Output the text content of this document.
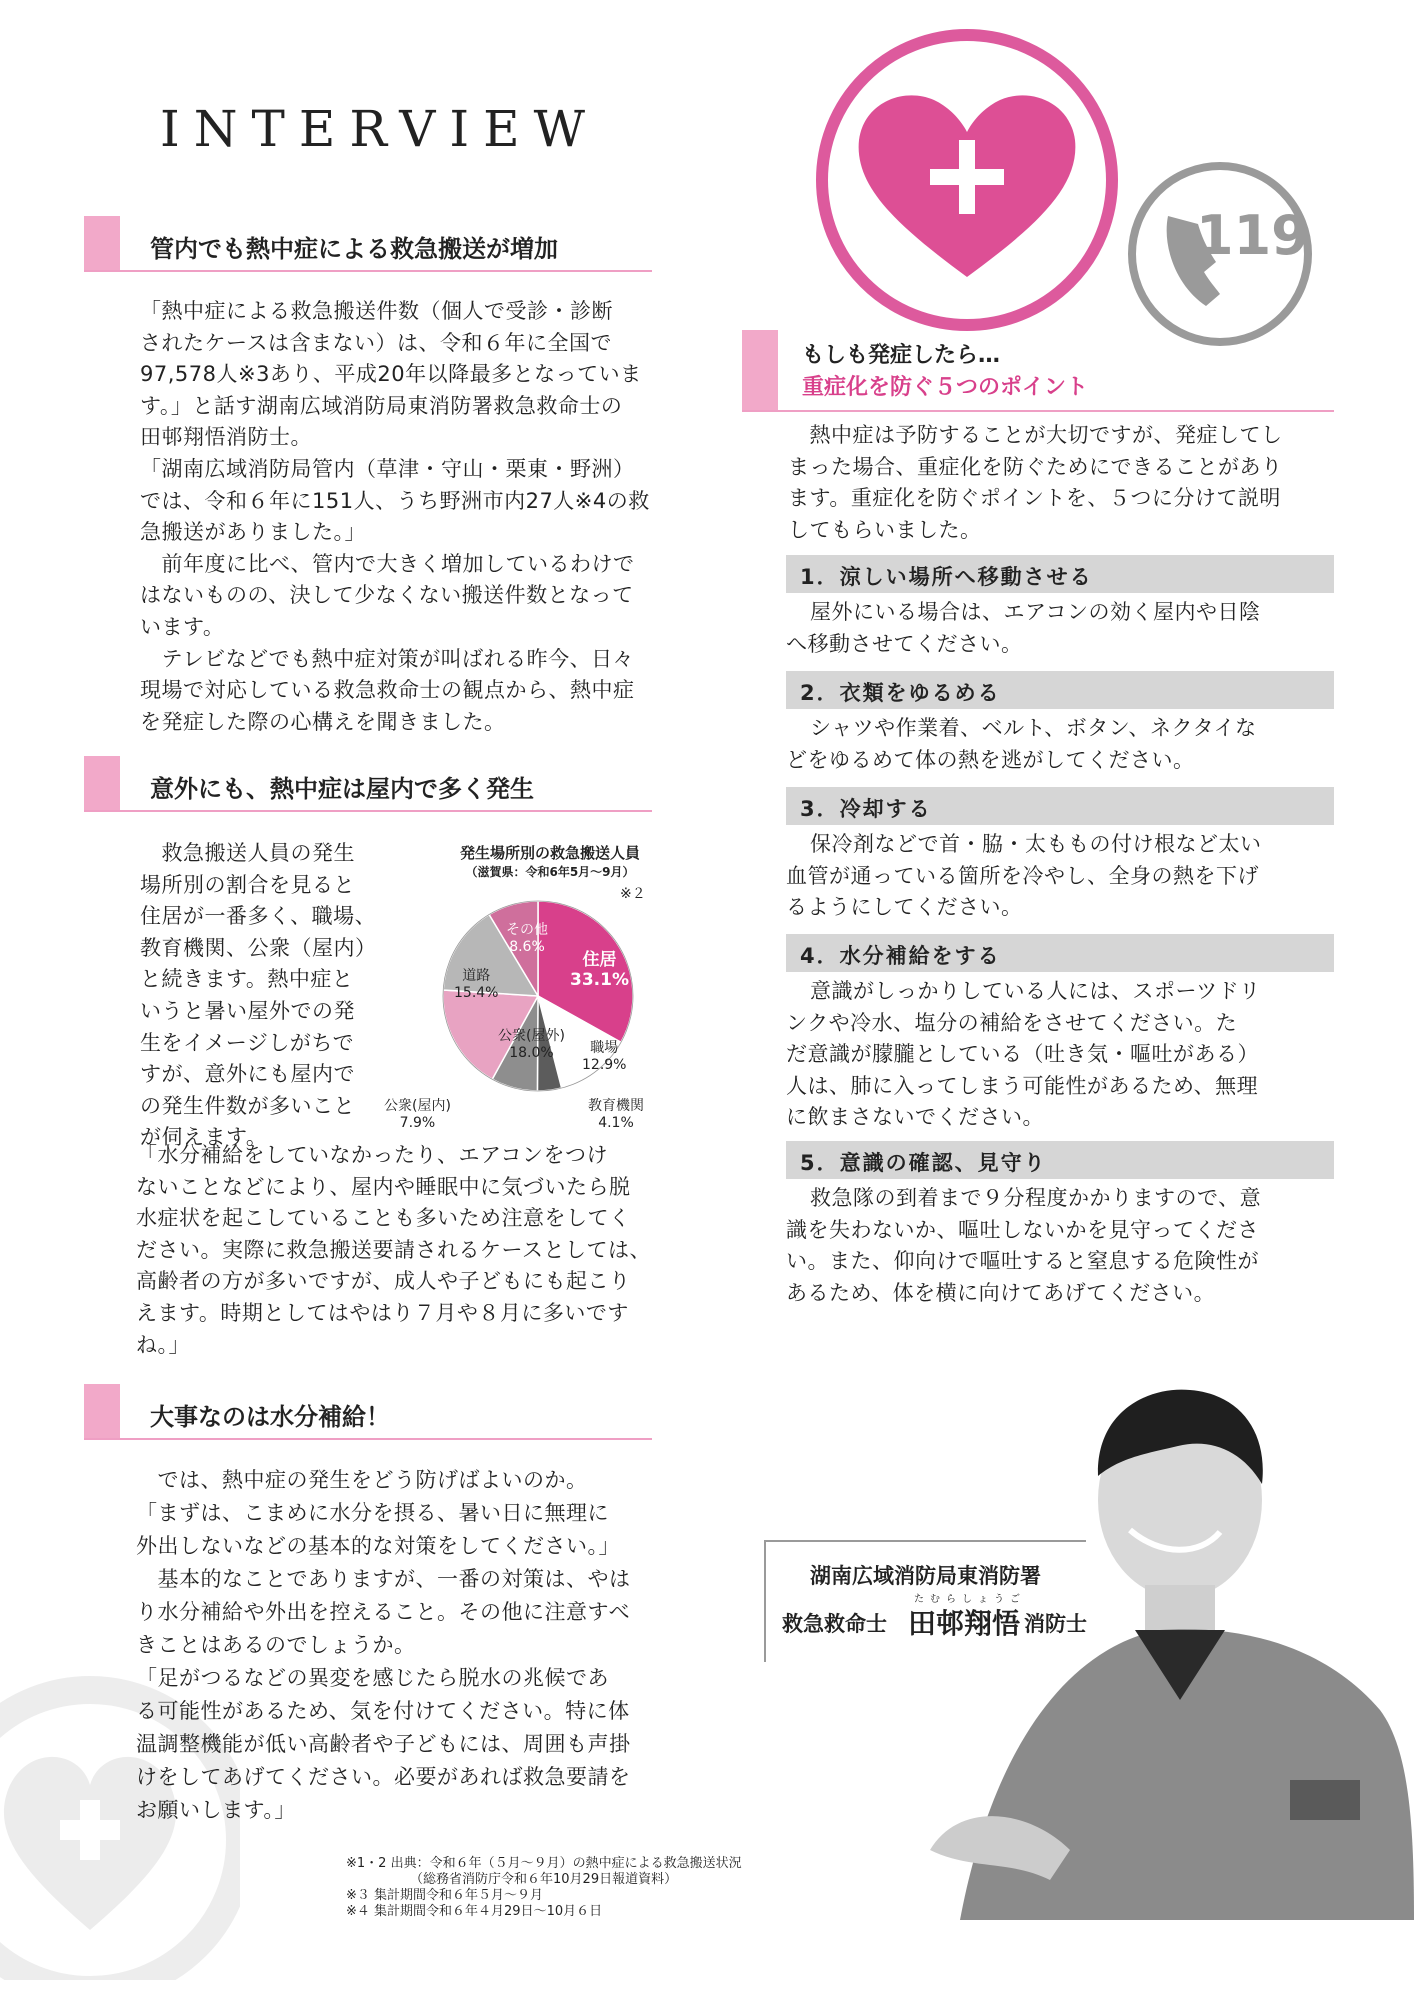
INTERVIEW
119
管内でも熱中症による救急搬送が増加

「熱中症による救急搬送件数（個人で受診・診断

されたケースは含まない）は、令和６年に全国で

97,578人※3あり、平成20年以降最多となっていま

す。」と話す湖南広域消防局東消防署救急救命士の

田邨翔悟消防士。

「湖南広域消防局管内（草津・守山・栗東・野洲）

では、令和６年に151人、うち野洲市内27人※4の救

急搬送がありました。」

　前年度に比べ、管内で大きく増加しているわけで

はないものの、決して少なくない搬送件数となって

います。

　テレビなどでも熱中症対策が叫ばれる昨今、日々

現場で対応している救急救命士の観点から、熱中症

を発症した際の心構えを聞きました。

意外にも、熱中症は屋内で多く発生

　救急搬送人員の発生

場所別の割合を見ると

住居が一番多く、職場、

教育機関、公衆（屋内）

と続きます。熱中症と

いうと暑い屋外での発

生をイメージしがちで

すが、意外にも屋内で

の発生件数が多いこと

が伺えます。

発生場所別の救急搬送人員
（滋賀県：令和6年5月～9月）
※２
住居
33.1%
職場
12.9%
教育機関
4.1%
公衆(屋内)
7.9%
公衆(屋外)
18.0%
道路
15.4%
その他
8.6%

「水分補給をしていなかったり、エアコンをつけ

ないことなどにより、屋内や睡眠中に気づいたら脱

水症状を起こしていることも多いため注意をしてく

ださい。実際に救急搬送要請されるケースとしては、

高齢者の方が多いですが、成人や子どもにも起こり

えます。時期としてはやはり７月や８月に多いです

ね。」

大事なのは水分補給！

　では、熱中症の発生をどう防げばよいのか。

「まずは、こまめに水分を摂る、暑い日に無理に

外出しないなどの基本的な対策をしてください。」

　基本的なことでありますが、一番の対策は、やは

り水分補給や外出を控えること。その他に注意すべ

きことはあるのでしょうか。

「足がつるなどの異変を感じたら脱水の兆候であ

る可能性があるため、気を付けてください。特に体

温調整機能が低い高齢者や子どもには、周囲も声掛

けをしてあげてください。必要があれば救急要請を

お願いします。」

もしも発症したら…
重症化を防ぐ５つのポイント

　熱中症は予防することが大切ですが、発症してし

まった場合、重症化を防ぐためにできることがあり

ます。重症化を防ぐポイントを、５つに分けて説明

してもらいました。

1．涼しい場所へ移動させる

屋外にいる場合は、エアコンの効く屋内や日陰

へ移動させてください。

2．衣類をゆるめる

シャツや作業着、ベルト、ボタン、ネクタイな

どをゆるめて体の熱を逃がしてください。

3．冷却する

保冷剤などで首・脇・太ももの付け根など太い

血管が通っている箇所を冷やし、全身の熱を下げ

るようにしてください。

4．水分補給をする

意識がしっかりしている人には、スポーツドリ

ンクや冷水、塩分の補給をさせてください。た

だ意識が朦朧としている（吐き気・嘔吐がある）

人は、肺に入ってしまう可能性があるため、無理

に飲まさないでください。

5．意識の確認、見守り

救急隊の到着まで９分程度かかりますので、意

識を失わないか、嘔吐しないかを見守ってくださ

い。また、仰向けで嘔吐すると窒息する危険性が

あるため、体を横に向けてあげてください。

湖南広域消防局東消防署
救急救命士
たむらしょうご
田邨翔悟 消防士
※1・2 出典：令和６年（５月～９月）の熱中症による救急搬送状況
（総務省消防庁令和６年10月29日報道資料）
※３ 集計期間令和６年５月～９月
※４ 集計期間令和６年４月29日～10月６日
